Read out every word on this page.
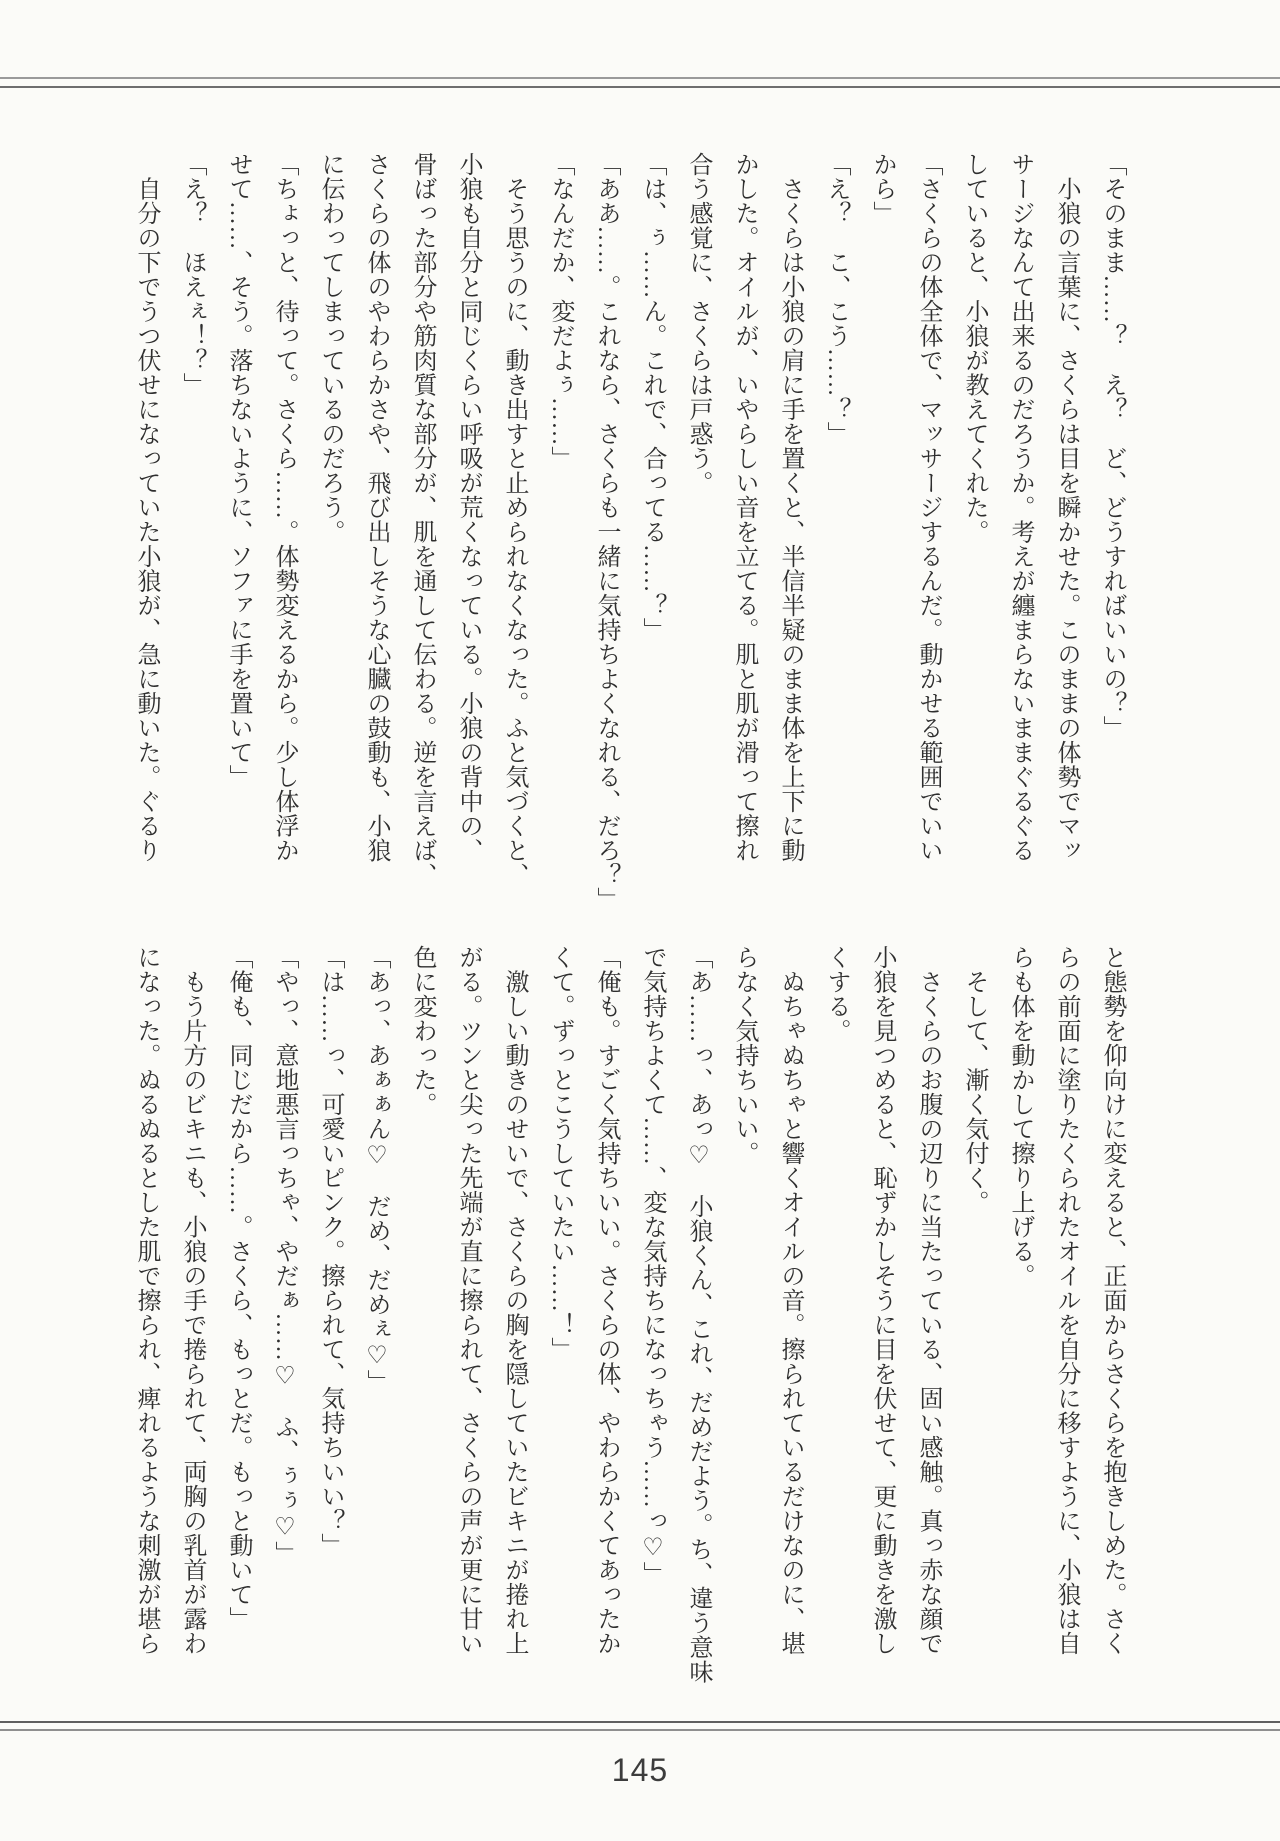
「そのまま……？　え？　ど、どうすればいいの？」

　小狼の言葉に、さくらは目を瞬かせた。このままの体勢でマッ

サージなんて出来るのだろうか。考えが纏まらないままぐるぐる

していると、小狼が教えてくれた。

「さくらの体全体で、マッサージするんだ。動かせる範囲でいい

から」

「え？　こ、こう……？」

　さくらは小狼の肩に手を置くと、半信半疑のまま体を上下に動

かした。オイルが、いやらしい音を立てる。肌と肌が滑って擦れ

合う感覚に、さくらは戸惑う。

「は、ぅ……ん。これで、合ってる……？」

「ああ……。これなら、さくらも一緒に気持ちよくなれる、だろ？」

「なんだか、変だよぅ……」

　そう思うのに、動き出すと止められなくなった。ふと気づくと、

小狼も自分と同じくらい呼吸が荒くなっている。小狼の背中の、

骨ばった部分や筋肉質な部分が、肌を通して伝わる。逆を言えば、

さくらの体のやわらかさや、飛び出しそうな心臓の鼓動も、小狼

に伝わってしまっているのだろう。

「ちょっと、待って。さくら……。体勢変えるから。少し体浮か

せて……、そう。落ちないように、ソファに手を置いて」

「え？　ほえぇ！？」

　自分の下でうつ伏せになっていた小狼が、急に動いた。ぐるり

と態勢を仰向けに変えると、正面からさくらを抱きしめた。さく

らの前面に塗りたくられたオイルを自分に移すように、小狼は自

らも体を動かして擦り上げる。

　そして、漸く気付く。

　さくらのお腹の辺りに当たっている、固い感触。真っ赤な顔で

小狼を見つめると、恥ずかしそうに目を伏せて、更に動きを激し

くする。

　ぬちゃぬちゃと響くオイルの音。擦られているだけなのに、堪

らなく気持ちいい。

「あ……っ、あっ♡　小狼くん、これ、だめだよう。ち、違う意味

で気持ちよくて……、変な気持ちになっちゃう……っ♡」

「俺も。すごく気持ちいい。さくらの体、やわらかくてあったか

くて。ずっとこうしていたい……！」

　激しい動きのせいで、さくらの胸を隠していたビキニが捲れ上

がる。ツンと尖った先端が直に擦られて、さくらの声が更に甘い

色に変わった。

「あっ、あぁぁん♡　だめ、だめぇ♡」

「は……っ、可愛いピンク。擦られて、気持ちいい？」

「やっ、意地悪言っちゃ、やだぁ……♡　ふ、ぅぅ♡」

「俺も、同じだから……。さくら、もっとだ。もっと動いて」

　もう片方のビキニも、小狼の手で捲られて、両胸の乳首が露わ

になった。ぬるぬるとした肌で擦られ、痺れるような刺激が堪ら

145
